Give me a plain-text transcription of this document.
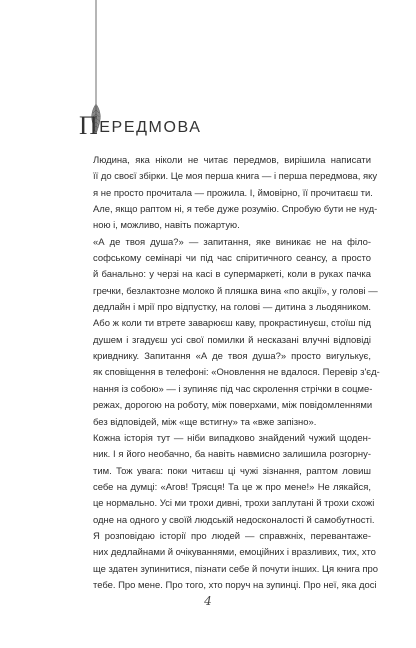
П ЕРЕДМОВА

Людина, яка ніколи не читає передмов, вирішила написати
її до своєї збірки. Це моя перша книга — і перша передмова, яку
я не просто прочитала — прожила. І, ймовірно, її прочитаєш ти.
Але, якщо раптом ні, я тебе дуже розумію. Спробую бути не нуд-
ною і, можливо, навіть пожартую.

«А де твоя душа?» — запитання, яке виникає не на філо-
софському семінарі чи під час спіритичного сеансу, а просто
й банально: у черзі на касі в супермаркеті, коли в руках пачка
гречки, безлактозне молоко й пляшка вина «по акції», у голові —
дедлайн і мрії про відпустку, на голові — дитина з льодяником.
Або ж коли ти втрете заварюєш каву, прокрастинуєш, стоїш під
душем і згадуєш усі свої помилки й несказані влучні відповіді
кривднику. Запитання «А де твоя душа?» просто вигулькує,
як сповіщення в телефоні: «Оновлення не вдалося. Перевір з'єд-
нання із собою» — і зупиняє під час скролення стрічки в соцме-
режах, дорогою на роботу, між поверхами, між повідомленнями
без відповідей, між «ще встигну» та «вже запізно».

Кожна історія тут — ніби випадково знайдений чужий щоден-
ник. І я його необачно, ба навіть навмисно залишила розгорну-
тим. Тож увага: поки читаєш ці чужі зізнання, раптом ловиш
себе на думці: «Агов! Трясця! Та це ж про мене!» Не лякайся,
це нормально. Усі ми трохи дивні, трохи заплутані й трохи схожі
одне на одного у своїй людській недосконалості й самобутності.

Я розповідаю історії про людей — справжніх, перевантаже-
них дедлайнами й очікуваннями, емоційних і вразливих, тих, хто
ще здатен зупинитися, пізнати себе й почути інших. Ця книга про
тебе. Про мене. Про того, хто поруч на зупинці. Про неї, яка досі

4
